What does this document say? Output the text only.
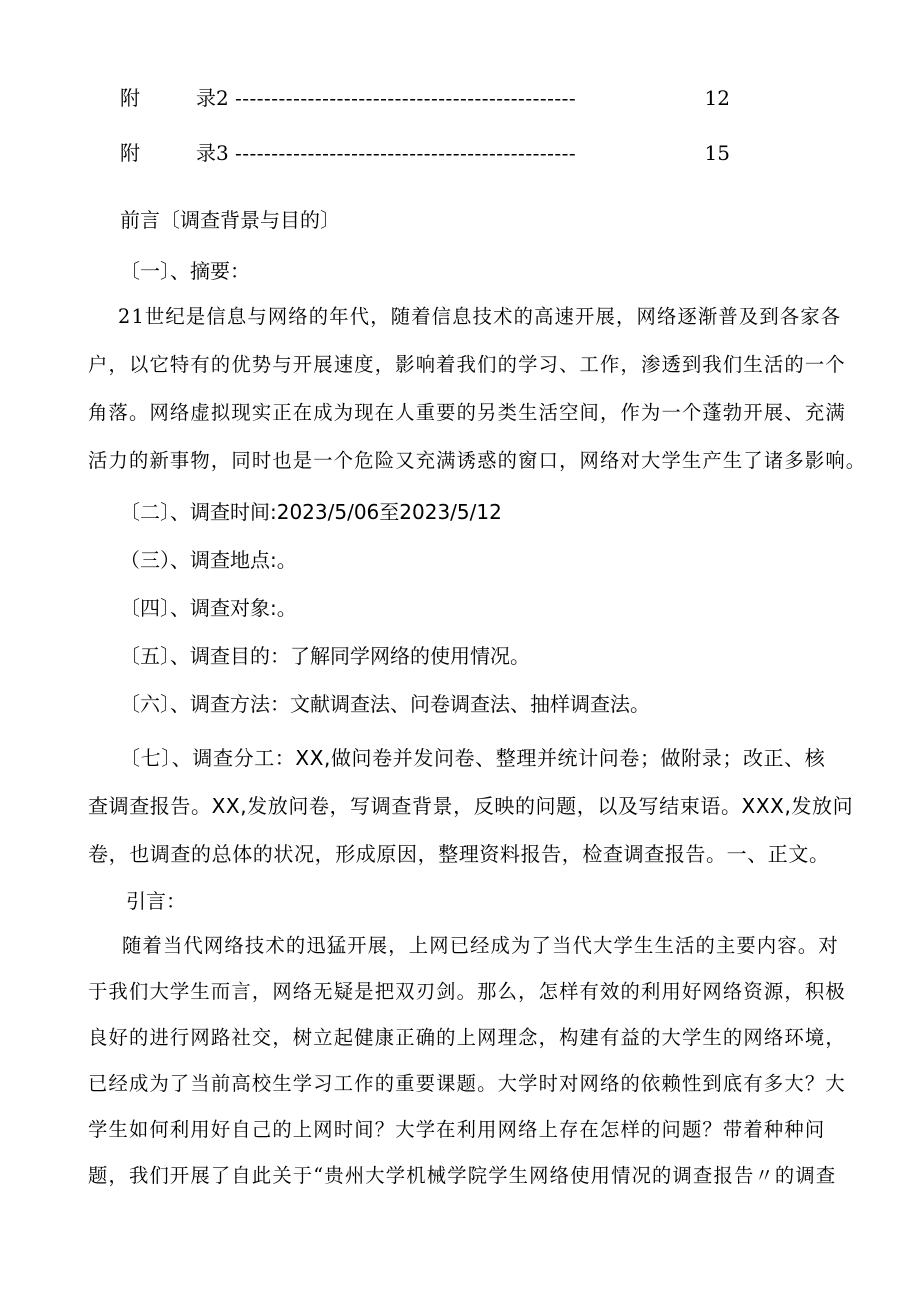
附	录2 -----------------------------------------------	12
附	录3 -----------------------------------------------	15
前言〔调查背景与目的〕
〔一〕、摘要：
21世纪是信息与网络的年代，随着信息技术的高速开展，网络逐渐普及到各家各
户，以它特有的优势与开展速度，影响着我们的学习、工作，渗透到我们生活的一个
角落。网络虚拟现实正在成为现在人重要的另类生活空间，作为一个蓬勃开展、充满
活力的新事物，同时也是一个危险又充满诱惑的窗口，网络对大学生产生了诸多影响。
〔二〕、调查时间:2023/5/06至2023/5/12
（三）、调查地点:。
〔四〕、调查对象:。
〔五〕、调查目的：了解同学网络的使用情况。
〔六〕、调查方法：文献调查法、问卷调查法、抽样调查法。
〔七〕、调查分工：XX,做问卷并发问卷、整理并统计问卷；做附录；改正、核
查调查报告。XX,发放问卷，写调查背景，反映的问题，以及写结束语。XXX,发放问
卷，也调查的总体的状况，形成原因，整理资料报告，检查调查报告。一、正文。
引言：
随着当代网络技术的迅猛开展，上网已经成为了当代大学生生活的主要内容。对
于我们大学生而言，网络无疑是把双刃剑。那么，怎样有效的利用好网络资源，积极
良好的进行网路社交，树立起健康正确的上网理念，构建有益的大学生的网络环境，
已经成为了当前高校生学习工作的重要课题。大学时对网络的依赖性到底有多大？大
学生如何利用好自己的上网时间？大学在利用网络上存在怎样的问题？带着种种问
题，我们开展了自此关于“贵州大学机械学院学生网络使用情况的调查报告〃的调查
